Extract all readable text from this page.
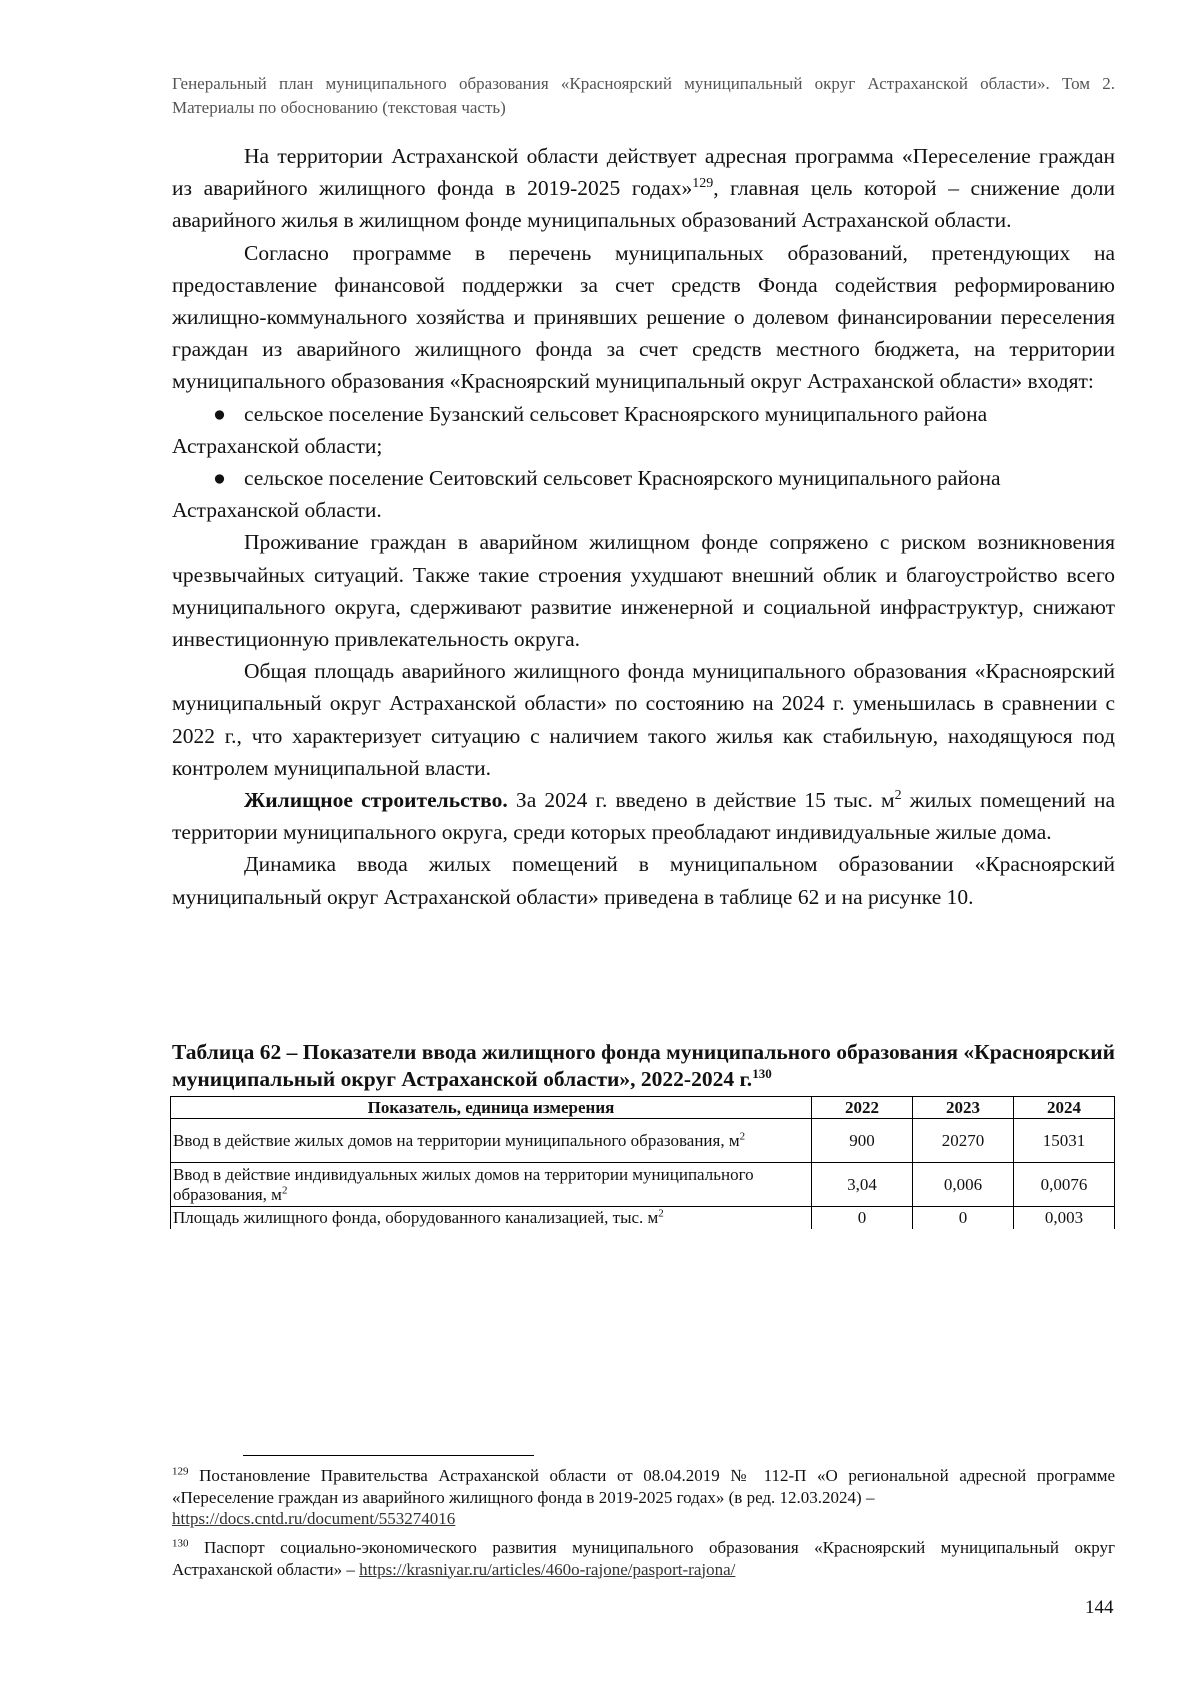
Генеральный план муниципального образования «Красноярский муниципальный округ Астраханской области». Том 2. Материалы по обоснованию (текстовая часть)

На территории Астраханской области действует адресная программа «Переселение граждан из аварийного жилищного фонда в 2019-2025 годах»$^{129}$, главная цель которой – снижение доли аварийного жилья в жилищном фонде муниципальных образований Астраханской области.

Согласно программе в перечень муниципальных образований, претендующих на предоставление финансовой поддержки за счет средств Фонда содействия реформированию жилищно-коммунального хозяйства и принявших решение о долевом финансировании переселения граждан из аварийного жилищного фонда за счет средств местного бюджета, на территории муниципального образования «Красноярский муниципальный округ Астраханской области» входят:

● сельское поселение Бузанский сельсовет Красноярского муниципального района

Астраханской области;

● сельское поселение Сеитовский сельсовет Красноярского муниципального района

Астраханской области.

Проживание граждан в аварийном жилищном фонде сопряжено с риском возникновения чрезвычайных ситуаций. Также такие строения ухудшают внешний облик и благоустройство всего муниципального округа, сдерживают развитие инженерной и социальной инфраструктур, снижают инвестиционную привлекательность округа.

Общая площадь аварийного жилищного фонда муниципального образования «Красноярский муниципальный округ Астраханской области» по состоянию на 2024 г. уменьшилась в сравнении с 2022 г., что характеризует ситуацию с наличием такого жилья как стабильную, находящуюся под контролем муниципальной власти.

Жилищное строительство. За 2024 г. введено в действие 15 тыс. $м^2$ жилых помещений на территории муниципального округа, среди которых преобладают индивидуальные жилые дома.

Динамика ввода жилых помещений в муниципальном образовании «Красноярский муниципальный округ Астраханской области» приведена в таблице 62 и на рисунке 10.

Таблица 62 – Показатели ввода жилищного фонда муниципального образования «Красноярский муниципальный округ Астраханской области», 2022-2024 г.$^{130}$
Показатель, единица измерения	2022	2023	2024
Ввод в действие жилых домов на территории муниципального образования, $м^2$	900	20270	15031
Ввод в действие индивидуальных жилых домов на территории муниципального образования, $м^2$	3,04	0,006	0,0076
Площадь жилищного фонда, оборудованного канализацией, тыс. $м^2$	0	0	0,003
$^{129}$ Постановление Правительства Астраханской области от 08.04.2019 № 112-П «О региональной адресной программе «Переселение граждан из аварийного жилищного фонда в 2019-2025 годах» (в ред. 12.03.2024) –
https://docs.cntd.ru/document/553274016
$^{130}$ Паспорт социально-экономического развития муниципального образования «Красноярский муниципальный округ Астраханской области» – https://krasniyar.ru/articles/460o-rajone/pasport-rajona/
144
